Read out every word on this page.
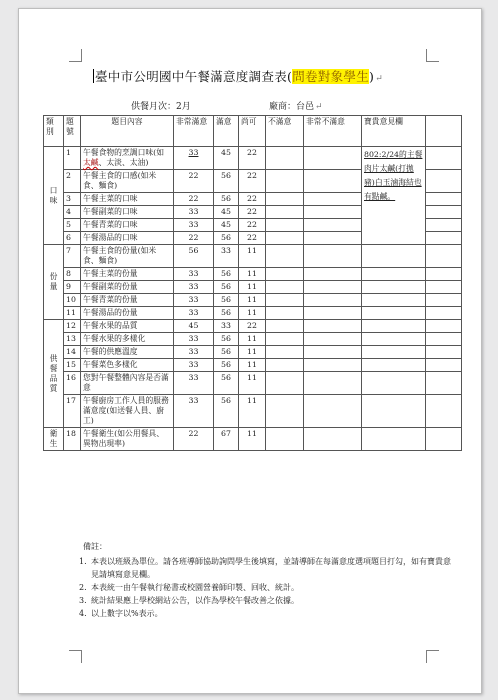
臺中市公明國中午餐滿意度調查表(問卷對象學生)↵
供餐月次：2月	廠商：台邑↵
類別	題號	題目內容	非常滿意	滿意	尚可	不滿意	非常不滿意	寶貴意見欄	
口味	1	午餐食物的烹調口味(如太鹹、太淡、太油)	33	45	22			802:2/24的主餐肉片太鹹(打拋豬)白玉滷海結也有點鹹。	
	2	午餐主食的口感(如米食、麵食)	22	56	22				
	3	午餐主菜的口味	22	56	22				
	4	午餐副菜的口味	33	45	22				
	5	午餐青菜的口味	33	45	22				
	6	午餐湯品的口味	22	56	22				
份量	7	午餐主食的份量(如米食、麵食)	56	33	11				
	8	午餐主菜的份量	33	56	11				
	9	午餐副菜的份量	33	56	11				
	10	午餐青菜的份量	33	56	11				
	11	午餐湯品的份量	33	56	11				
供餐品質	12	午餐水果的品質	45	33	22				
	13	午餐水果的多樣化	33	56	11				
	14	午餐的供應溫度	33	56	11				
	15	午餐菜色多樣化	33	56	11				
	16	您對午餐整體內容是否滿意	33	56	11				
	17	午餐廚房工作人員的服務滿意度(如送餐人員、廚工)	33	56	11				
衛生	18	午餐衛生(如公用餐具、異物出現率)	22	67	11				
備註：
1. 本表以班級為單位。請各班導師協助詢問學生後填寫，並請導師在每滿意度選項題目打勾，如有寶貴意見請填寫意見欄。
2. 本表統一由午餐執行秘書或校園營養師印製、回收、統計。
3. 統計結果應上學校網站公告，以作為學校午餐改善之依據。
4. 以上數字以%表示。
